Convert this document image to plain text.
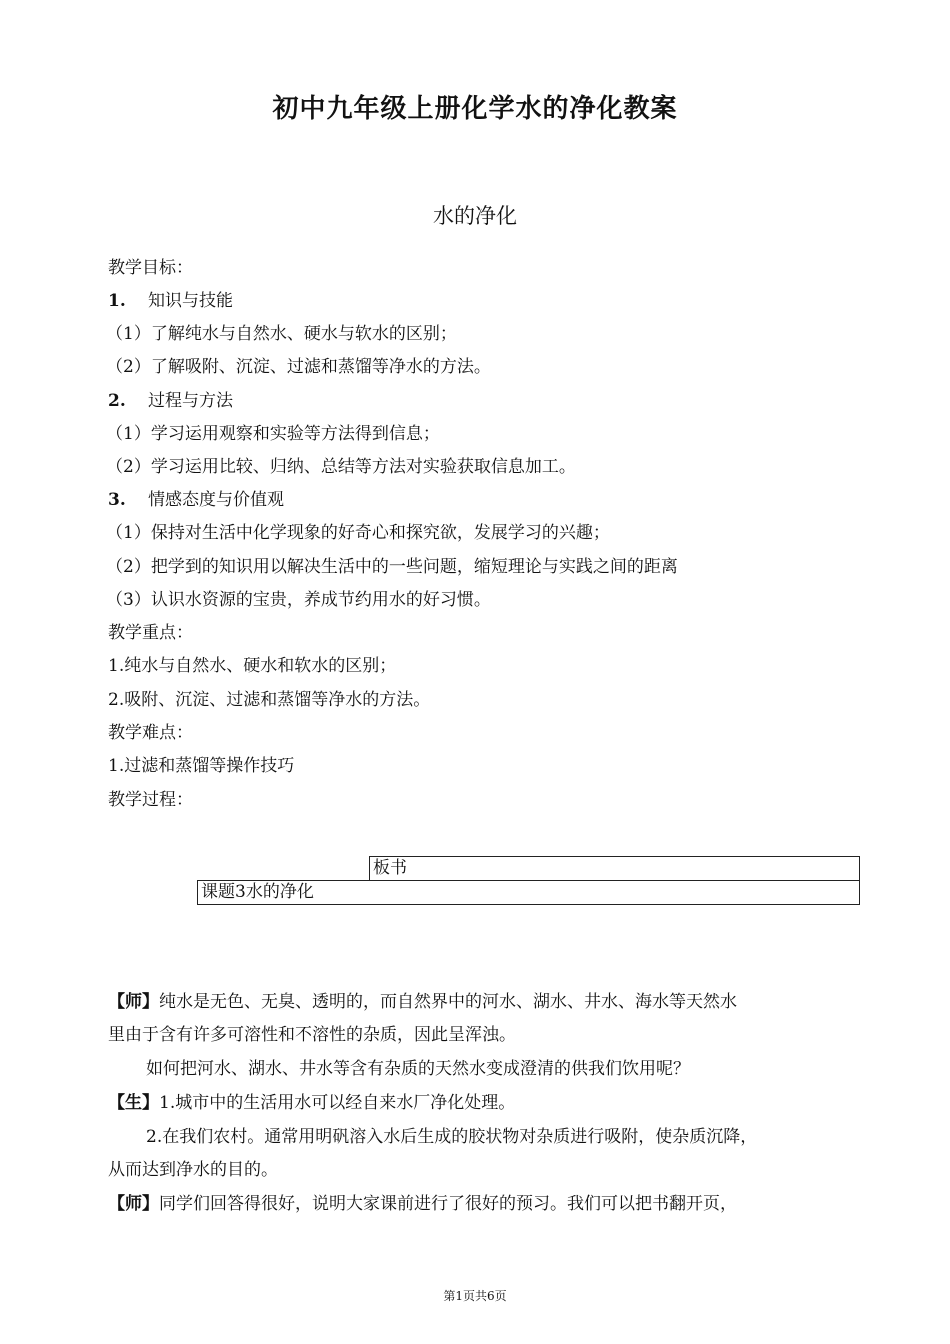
初中九年级上册化学水的净化教案
水的净化
教学目标：
1. 知识与技能
（1）了解纯水与自然水、硬水与软水的区别；
（2）了解吸附、沉淀、过滤和蒸馏等净水的方法。
2. 过程与方法
（1）学习运用观察和实验等方法得到信息；
（2）学习运用比较、归纳、总结等方法对实验获取信息加工。
3. 情感态度与价值观
（1）保持对生活中化学现象的好奇心和探究欲，发展学习的兴趣；
（2）把学到的知识用以解决生活中的一些问题，缩短理论与实践之间的距离
（3）认识水资源的宝贵，养成节约用水的好习惯。
教学重点：
1.纯水与自然水、硬水和软水的区别；
2.吸附、沉淀、过滤和蒸馏等净水的方法。
教学难点：
1.过滤和蒸馏等操作技巧
教学过程：
板书
课题3水的净化
【师】纯水是无色、无臭、透明的，而自然界中的河水、湖水、井水、海水等天然水
里由于含有许多可溶性和不溶性的杂质，因此呈浑浊。
如何把河水、湖水、井水等含有杂质的天然水变成澄清的供我们饮用呢？
【生】1.城市中的生活用水可以经自来水厂净化处理。
2.在我们农村。通常用明矾溶入水后生成的胶状物对杂质进行吸附，使杂质沉降，
从而达到净水的目的。
【师】同学们回答得很好，说明大家课前进行了很好的预习。我们可以把书翻开页，
第1页共6页
